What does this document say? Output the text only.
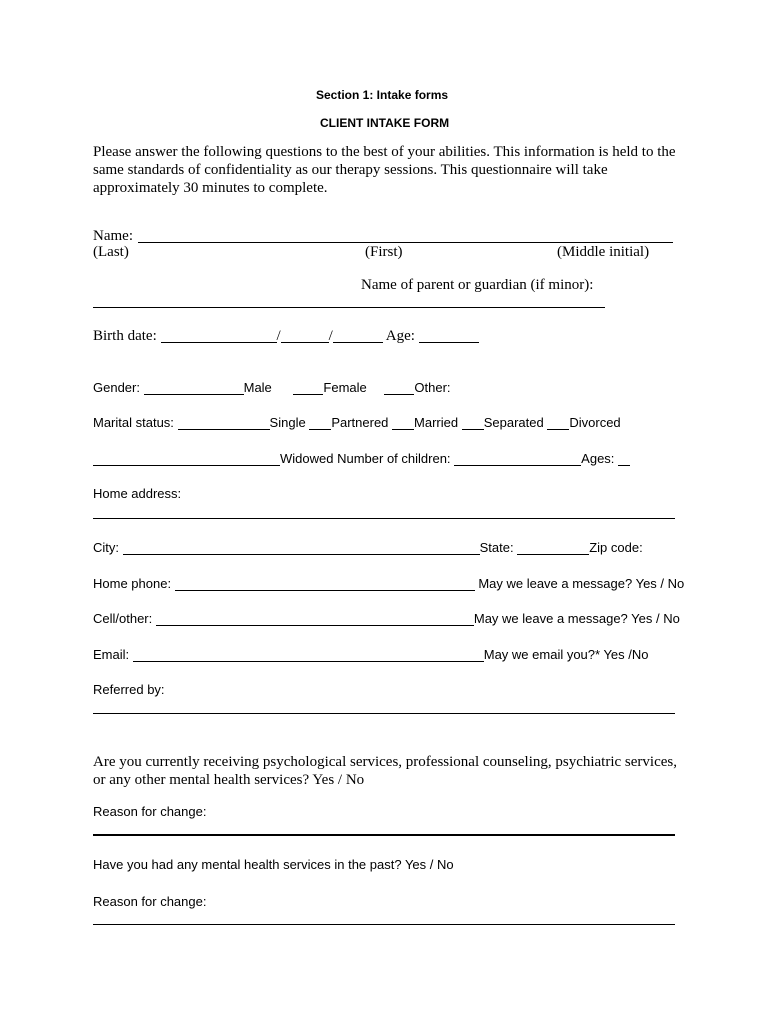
Section 1: Intake forms
CLIENT INTAKE FORM
Please answer the following questions to the best of your abilities. This information is held to the same standards of confidentiality as our therapy sessions. This questionnaire will take approximately 30 minutes to complete.
Name:
(Last)	(First)	(Middle initial)
Name of parent or guardian (if minor):
Birth date:	/	/	Age:
Gender:	Male	Female	Other:
Marital status:	Single Partnered Married Separated Divorced
Widowed Number of children:	Ages:
Home address:
City:	State:	Zip code:
Home phone:	May we leave a message? Yes / No
Cell/other:	May we leave a message? Yes / No
Email:	May we email you?* Yes /No
Referred by:
Are you currently receiving psychological services, professional counseling, psychiatric services, or any other mental health services? Yes / No
Reason for change:
Have you had any mental health services in the past? Yes / No
Reason for change:
